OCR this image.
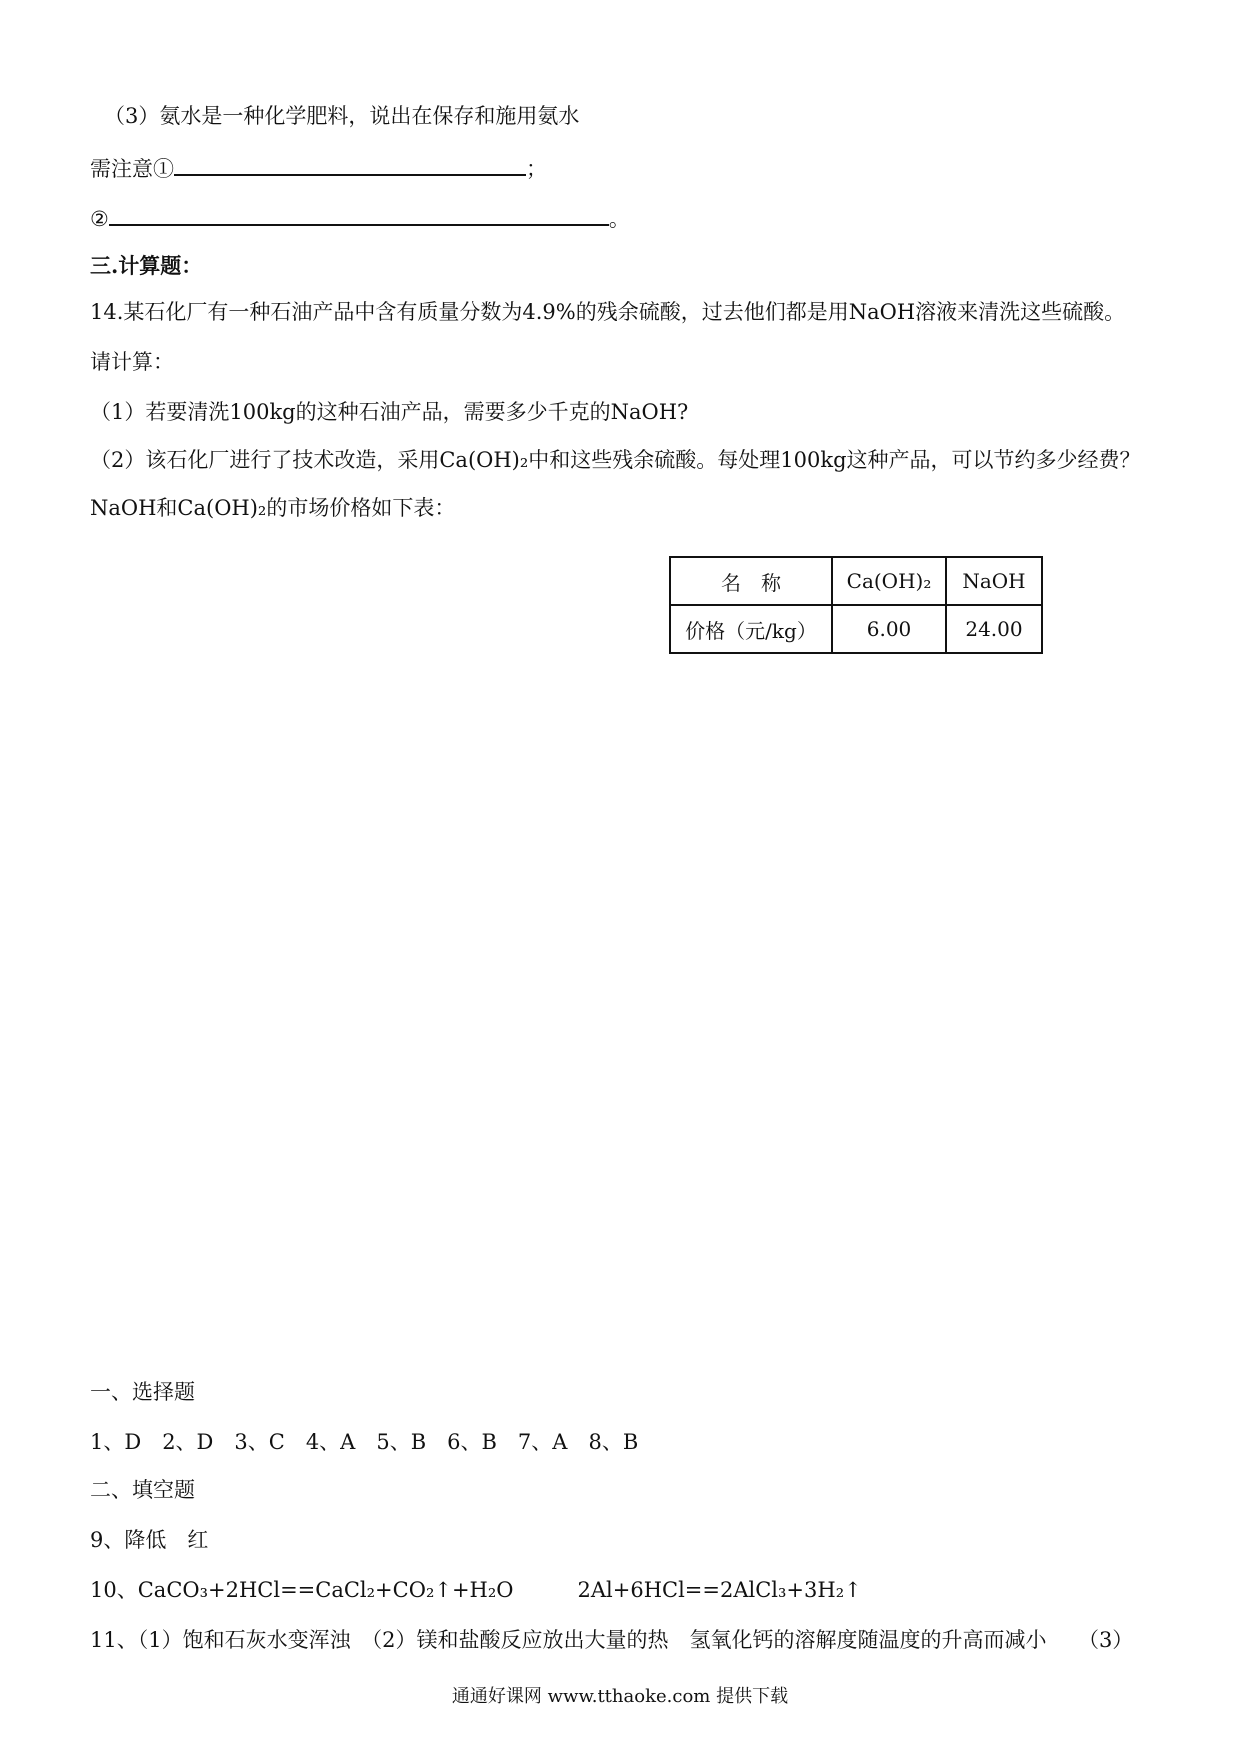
（3）氨水是一种化学肥料，说出在保存和施用氨水
需注意①	；
②	。
三.计算题：
14.某石化厂有一种石油产品中含有质量分数为4.9%的残余硫酸，过去他们都是用NaOH溶液来清洗这些硫酸。
请计算：
（1）若要清洗100kg的这种石油产品，需要多少千克的NaOH?
（2）该石化厂进行了技术改造，采用Ca(OH)₂中和这些残余硫酸。每处理100kg这种产品，可以节约多少经费？
NaOH和Ca(OH)₂的市场价格如下表：
名　称	Ca(OH)₂	NaOH
价格（元/kg）	6.00	24.00
一、选择题
1、D　2、D　3、C　4、A　5、B　6、B　7、A　8、B
二、填空题
9、降低　红
10、CaCO₃+2HCl==CaCl₂+CO₂↑+H₂O	2Al+6HCl==2AlCl₃+3H₂↑
11、（1）饱和石灰水变浑浊　（2）镁和盐酸反应放出大量的热　氢氧化钙的溶解度随温度的升高而减小　　（3）
通通好课网 www.tthaoke.com 提供下载
